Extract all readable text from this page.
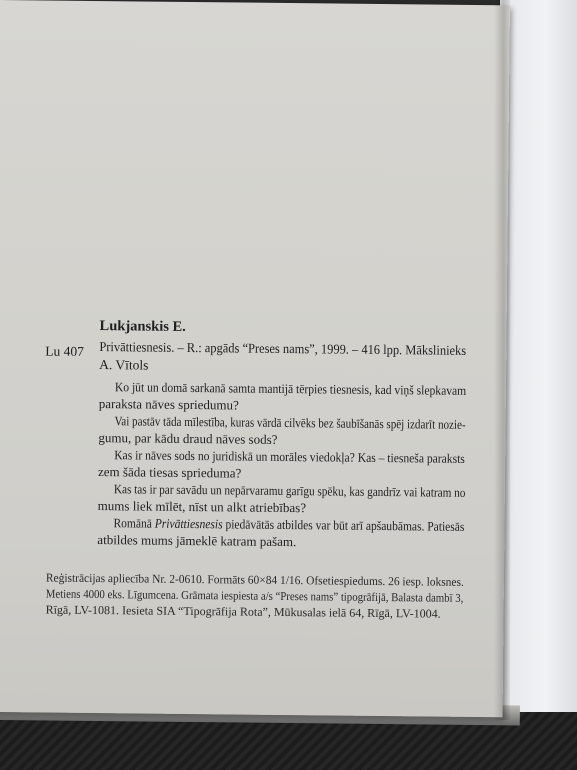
Lukjanskis E.
Lu 407 Privāttiesnesis. – R.: apgāds “Preses nams”, 1999. – 416 lpp. Mākslinieks
A. Vītols
Ko jūt un domā sarkanā samta mantijā tērpies tiesnesis, kad viņš slepkavam
paraksta nāves spriedumu?
Vai pastāv tāda mīlestība, kuras vārdā cilvēks bez šaubīšanās spēj izdarīt nozie-
gumu, par kādu draud nāves sods?
Kas ir nāves sods no juridiskā un morāles viedokļa? Kas – tiesneša paraksts
zem šāda tiesas sprieduma?
Kas tas ir par savādu un nepārvaramu garīgu spēku, kas gandrīz vai katram no
mums liek mīlēt, nīst un alkt atriebības?
Romānā Privāttiesnesis piedāvātās atbildes var būt arī apšaubāmas. Patiesās
atbildes mums jāmeklē katram pašam.
Reģistrācijas apliecība Nr. 2-0610. Formāts 60×84 1/16. Ofsetiespiedums. 26 iesp. loksnes.
Metiens 4000 eks. Līgumcena. Grāmata iespiesta a/s “Preses nams” tipogrāfijā, Balasta dambī 3,
Rīgā, LV-1081. Iesieta SIA “Tipogrāfija Rota”, Mūkusalas ielā 64, Rīgā, LV-1004.
